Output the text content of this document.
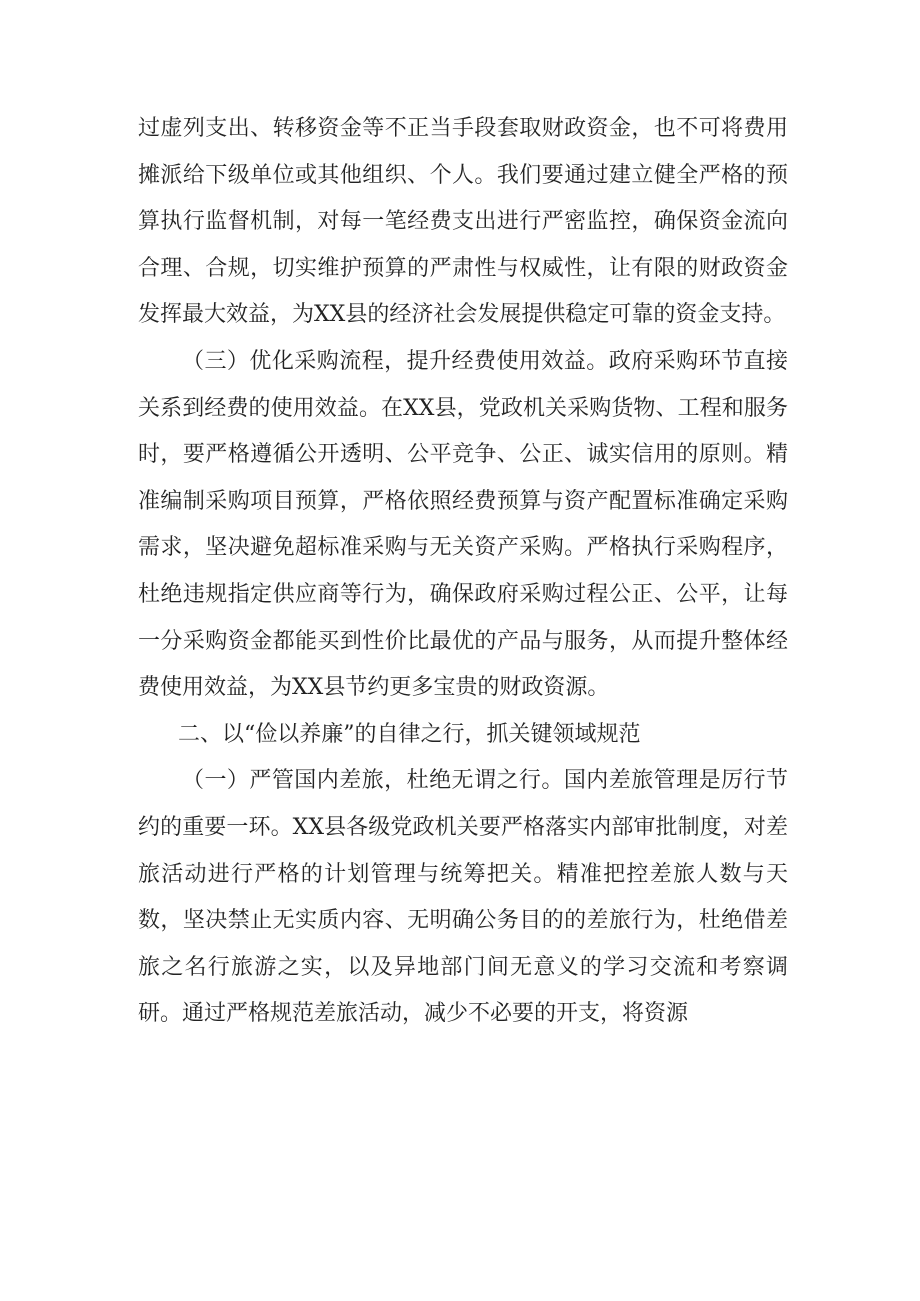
过虚列支出、转移资金等不正当手段套取财政资金，也不可将费用摊派给下级单位或其他组织、个人。我们要通过建立健全严格的预算执行监督机制，对每一笔经费支出进行严密监控，确保资金流向合理、合规，切实维护预算的严肃性与权威性，让有限的财政资金发挥最大效益，为XX县的经济社会发展提供稳定可靠的资金支持。

（三）优化采购流程，提升经费使用效益。政府采购环节直接关系到经费的使用效益。在XX县，党政机关采购货物、工程和服务时，要严格遵循公开透明、公平竞争、公正、诚实信用的原则。精准编制采购项目预算，严格依照经费预算与资产配置标准确定采购需求，坚决避免超标准采购与无关资产采购。严格执行采购程序，杜绝违规指定供应商等行为，确保政府采购过程公正、公平，让每一分采购资金都能买到性价比最优的产品与服务，从而提升整体经费使用效益，为XX县节约更多宝贵的财政资源。

二、以“俭以养廉”的自律之行，抓关键领域规范

（一）严管国内差旅，杜绝无谓之行。国内差旅管理是厉行节约的重要一环。XX县各级党政机关要严格落实内部审批制度，对差旅活动进行严格的计划管理与统筹把关。精准把控差旅人数与天数，坚决禁止无实质内容、无明确公务目的的差旅行为，杜绝借差旅之名行旅游之实，以及异地部门间无意义的学习交流和考察调研。通过严格规范差旅活动，减少不必要的开支，将资源
